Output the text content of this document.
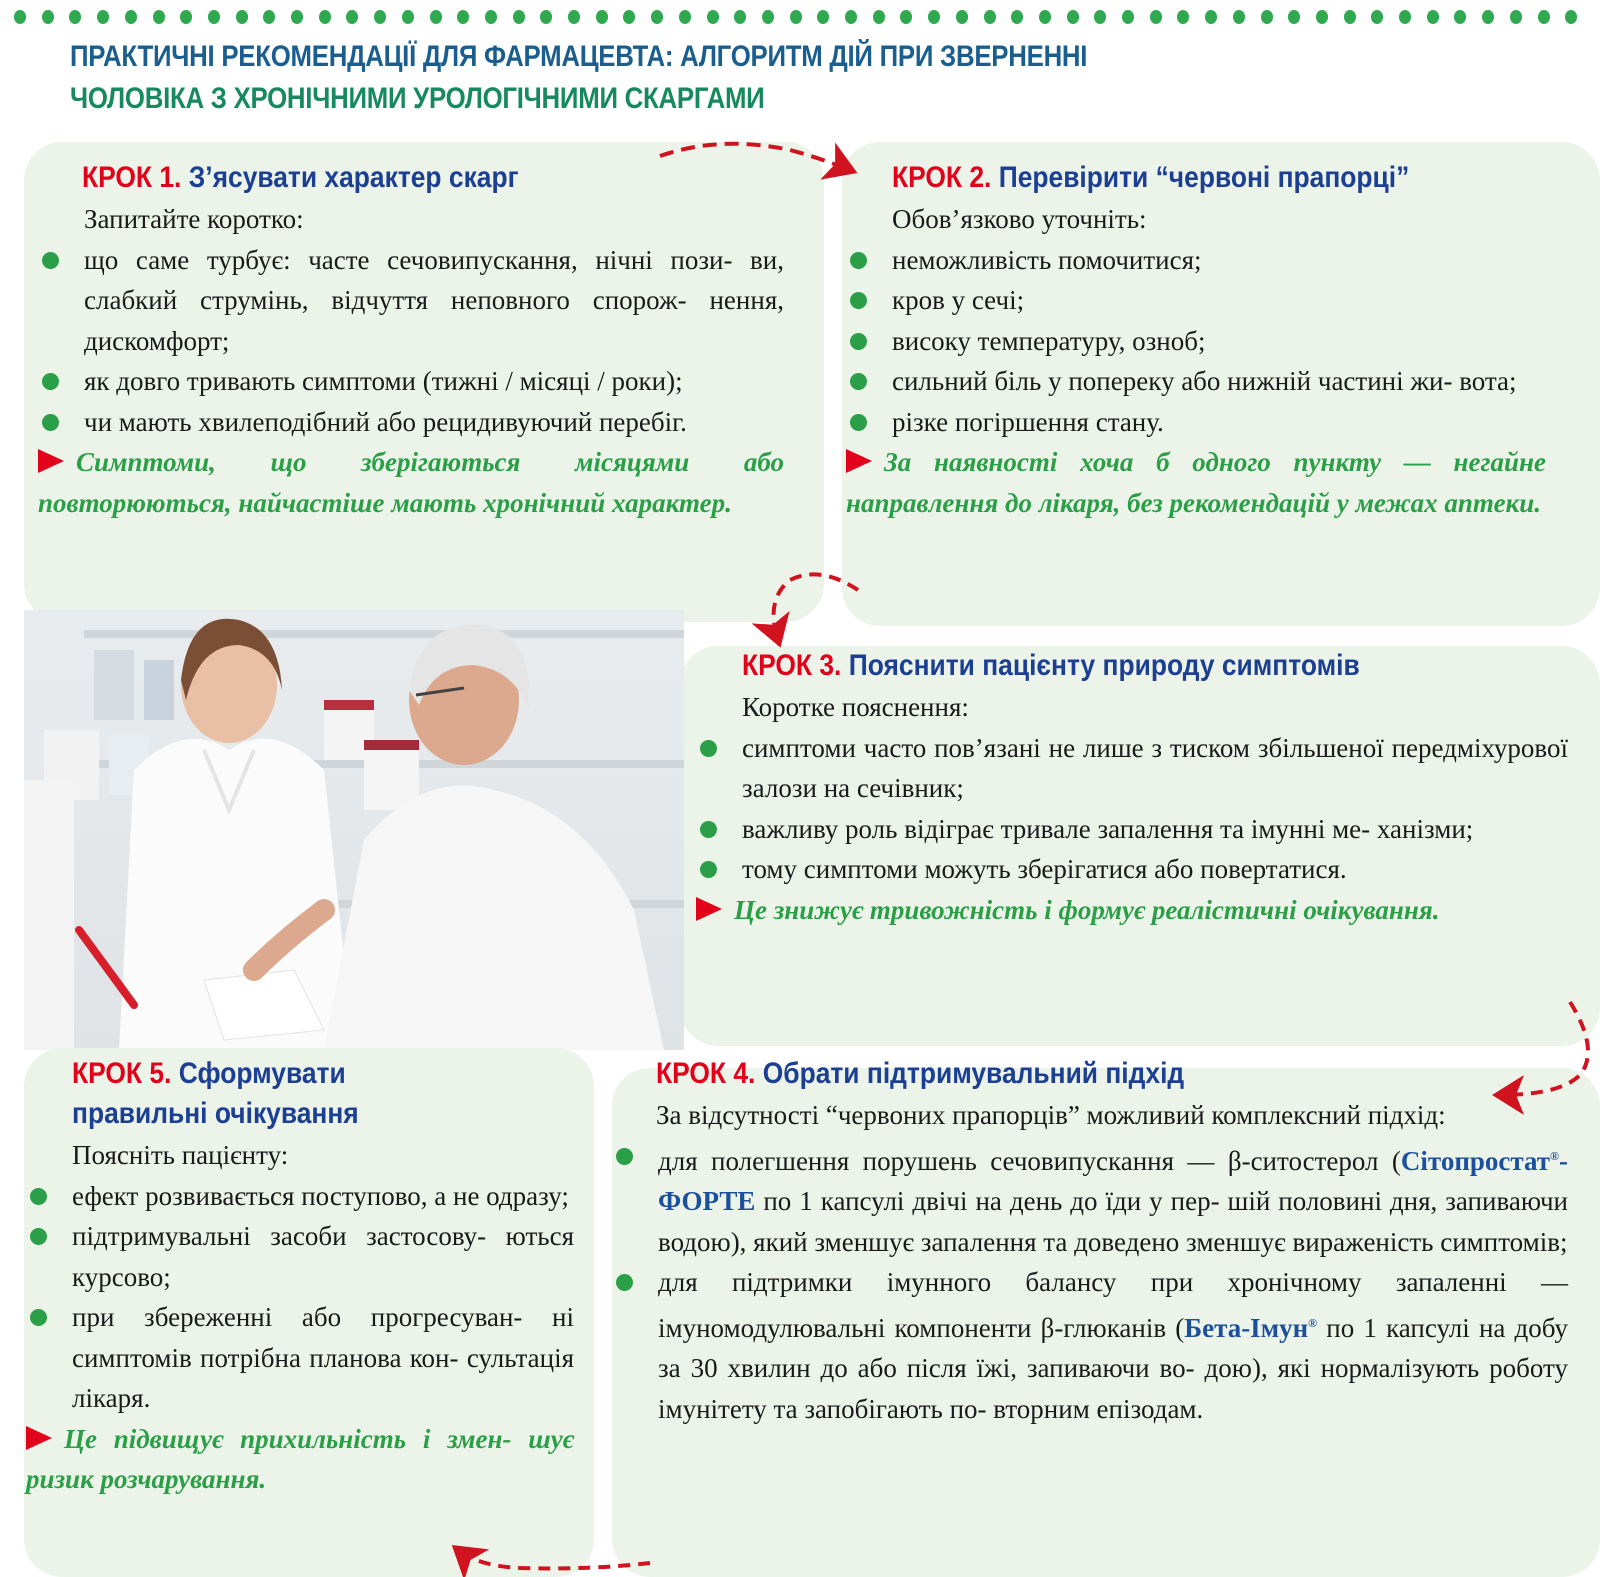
ПРАКТИЧНІ РЕКОМЕНДАЦІЇ ДЛЯ ФАРМАЦЕВТА: АЛГОРИТМ ДІЙ ПРИ ЗВЕРНЕННІ
ЧОЛОВІКА З ХРОНІЧНИМИ УРОЛОГІЧНИМИ СКАРГАМИ
КРОК 1. З’ясувати характер скарг
Запитайте коротко:
що саме турбує: часте сечовипускання, нічні пози- ви, слабкий струмінь, відчуття неповного спорож- нення, дискомфорт;
як довго тривають симптоми (тижні / місяці / роки);
чи мають хвилеподібний або рецидивуючий перебіг.
Симптоми, що зберігаються місяцями або повторюються, найчастіше мають хронічний характер.
КРОК 2. Перевірити “червоні прапорці”
Обов’язково уточніть:
неможливість помочитися;
кров у сечі;
високу температуру, озноб;
сильний біль у попереку або нижній частині жи- вота;
різке погіршення стану.
За наявності хоча б одного пункту — негайне направлення до лікаря, без рекомендацій у межах аптеки.
КРОК 3. Пояснити пацієнту природу симптомів
Коротке пояснення:
симптоми часто пов’язані не лише з тиском збільшеної передміхурової залози на сечівник;
важливу роль відіграє тривале запалення та імунні ме- ханізми;
тому симптоми можуть зберігатися або повертатися.
Це знижує тривожність і формує реалістичні очікування.
КРОК 4. Обрати підтримувальний підхід
За відсутності “червоних прапорців” можливий комплексний підхід:
для полегшення порушень сечовипускання — β-ситостерол (Сітопростат®-ФОРТЕ по 1 капсулі двічі на день до їди у пер- шій половині дня, запиваючи водою), який зменшує запалення та доведено зменшує вираженість симптомів;
для підтримки імунного балансу при хронічному запаленні — імуномодулювальні компоненти β-глюканів (Бета-Імун® по 1 капсулі на добу за 30 хвилин до або після їжі, запиваючи во- дою), які нормалізують роботу імунітету та запобігають по- вторним епізодам.
КРОК 5. Сформувати
правильні очікування
Поясніть пацієнту:
ефект розвивається поступово, а не одразу;
підтримувальні засоби застосову- ються курсово;
при збереженні або прогресуван- ні симптомів потрібна планова кон- сультація лікаря.
Це підвищує прихильність і змен- шує ризик розчарування.
